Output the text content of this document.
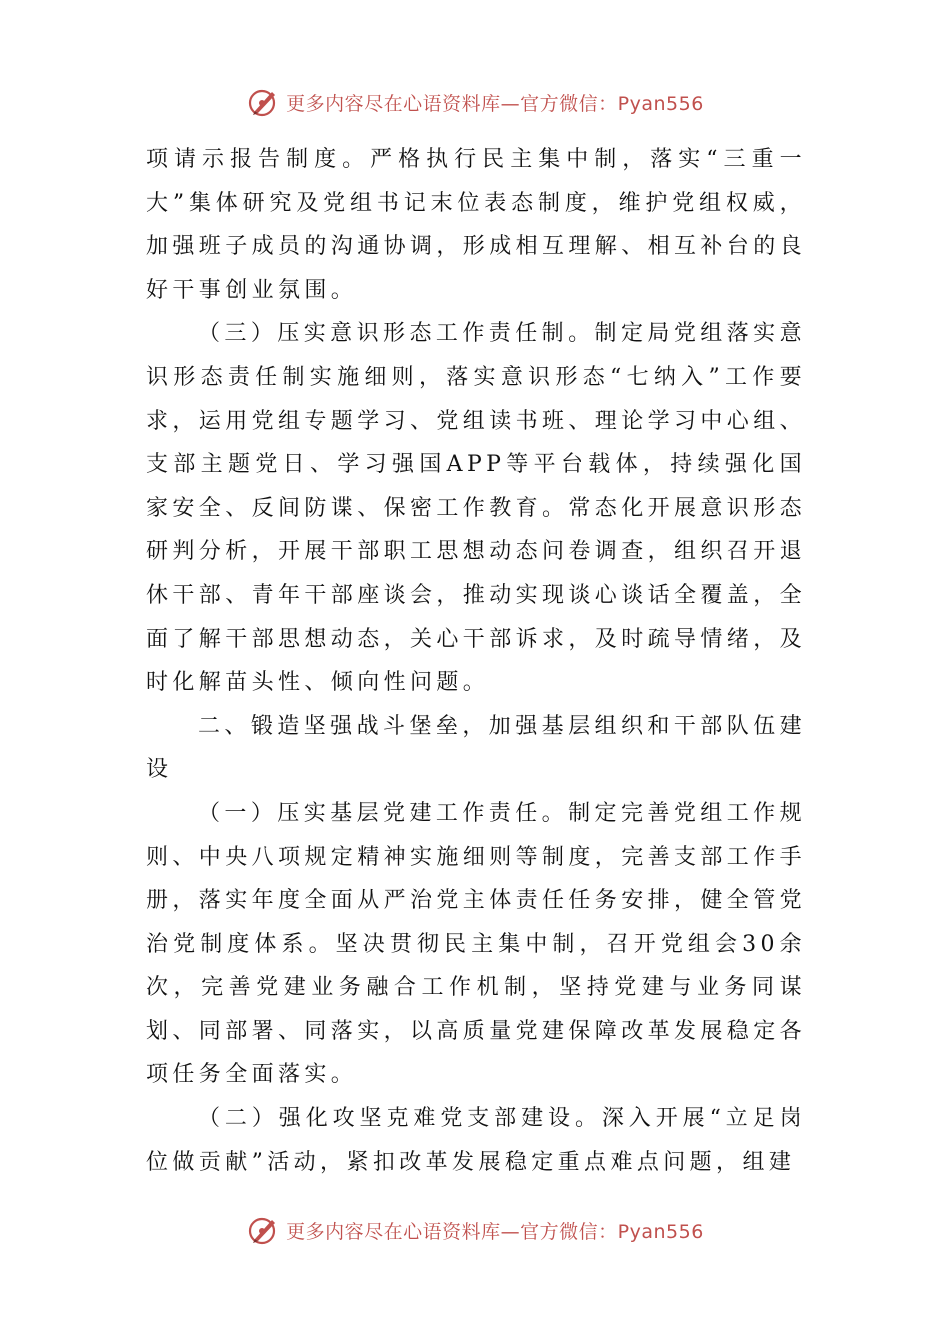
更多内容尽在心语资料库—官方微信：Pyan556

项请示报告制度。严格执行民主集中制，落实“三重一大”集体研究及党组书记末位表态制度，维护党组权威，加强班子成员的沟通协调，形成相互理解、相互补台的良好干事创业氛围。

（三）压实意识形态工作责任制。制定局党组落实意识形态责任制实施细则，落实意识形态“七纳入”工作要求，运用党组专题学习、党组读书班、理论学习中心组、支部主题党日、学习强国APP等平台载体，持续强化国家安全、反间防谍、保密工作教育。常态化开展意识形态研判分析，开展干部职工思想动态问卷调查，组织召开退休干部、青年干部座谈会，推动实现谈心谈话全覆盖，全面了解干部思想动态，关心干部诉求，及时疏导情绪，及时化解苗头性、倾向性问题。

二、锻造坚强战斗堡垒，加强基层组织和干部队伍建设

（一）压实基层党建工作责任。制定完善党组工作规则、中央八项规定精神实施细则等制度，完善支部工作手册，落实年度全面从严治党主体责任任务安排，健全管党治党制度体系。坚决贯彻民主集中制，召开党组会30余次，完善党建业务融合工作机制，坚持党建与业务同谋划、同部署、同落实，以高质量党建保障改革发展稳定各项任务全面落实。

（二）强化攻坚克难党支部建设。深入开展“立足岗位做贡献”活动，紧扣改革发展稳定重点难点问题，组建

更多内容尽在心语资料库—官方微信：Pyan556
